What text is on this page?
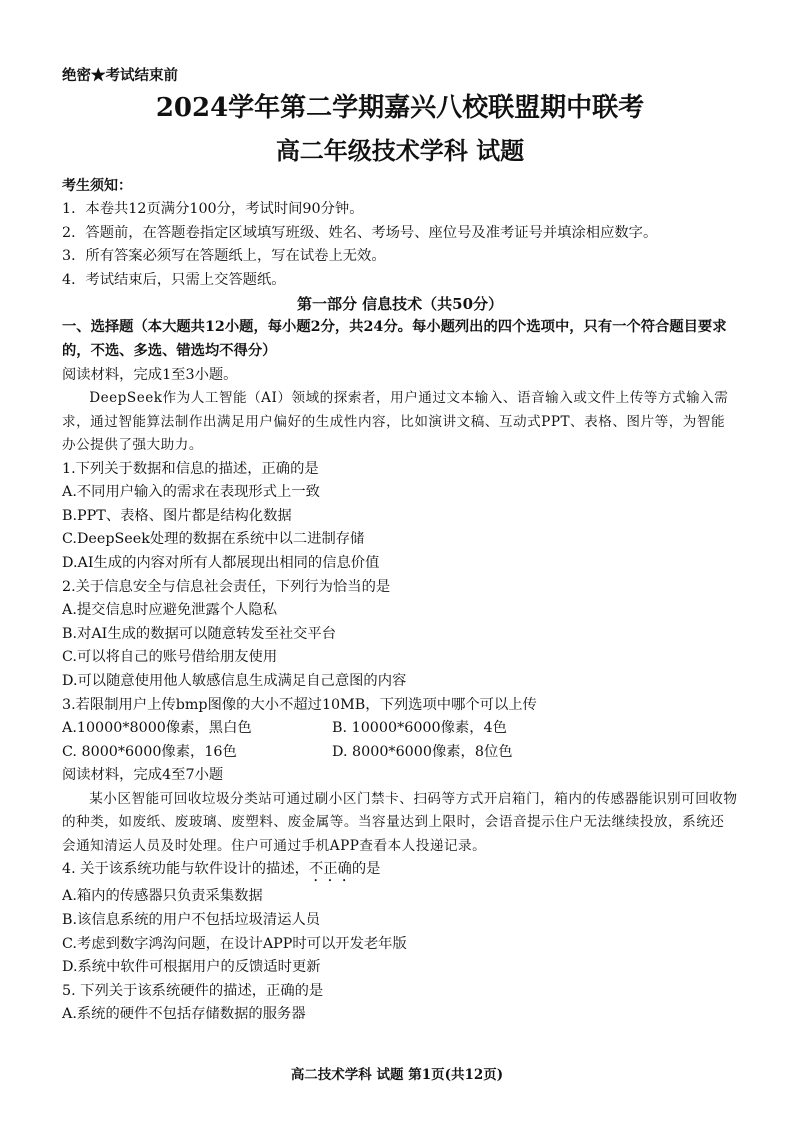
绝密★考试结束前
2024学年第二学期嘉兴八校联盟期中联考
高二年级技术学科 试题
考生须知：
1．本卷共12页满分100分，考试时间90分钟。
2．答题前，在答题卷指定区域填写班级、姓名、考场号、座位号及准考证号并填涂相应数字。
3．所有答案必须写在答题纸上，写在试卷上无效。
4．考试结束后，只需上交答题纸。
第一部分 信息技术（共50分）
一、选择题（本大题共12小题，每小题2分，共24分。每小题列出的四个选项中，只有一个符合题目要求的，不选、多选、错选均不得分）
阅读材料，完成1至3小题。
DeepSeek作为人工智能（AI）领域的探索者，用户通过文本输入、语音输入或文件上传等方式输入需求，通过智能算法制作出满足用户偏好的生成性内容，比如演讲文稿、互动式PPT、表格、图片等，为智能办公提供了强大助力。
1.下列关于数据和信息的描述，正确的是
A.不同用户输入的需求在表现形式上一致
B.PPT、表格、图片都是结构化数据
C.DeepSeek处理的数据在系统中以二进制存储
D.AI生成的内容对所有人都展现出相同的信息价值
2.关于信息安全与信息社会责任，下列行为恰当的是
A.提交信息时应避免泄露个人隐私
B.对AI生成的数据可以随意转发至社交平台
C.可以将自己的账号借给朋友使用
D.可以随意使用他人敏感信息生成满足自己意图的内容
3.若限制用户上传bmp图像的大小不超过10MB，下列选项中哪个可以上传
A.10000*8000像素，黑白色	B. 10000*6000像素，4色
C. 8000*6000像素，16色	D. 8000*6000像素，8位色
阅读材料，完成4至7小题
某小区智能可回收垃圾分类站可通过刷小区门禁卡、扫码等方式开启箱门，箱内的传感器能识别可回收物的种类，如废纸、废玻璃、废塑料、废金属等。当容量达到上限时，会语音提示住户无法继续投放，系统还会通知清运人员及时处理。住户可通过手机APP查看本人投递记录。
4. 关于该系统功能与软件设计的描述，不正确的是
A.箱内的传感器只负责采集数据
B.该信息系统的用户不包括垃圾清运人员
C.考虑到数字鸿沟问题，在设计APP时可以开发老年版
D.系统中软件可根据用户的反馈适时更新
5. 下列关于该系统硬件的描述，正确的是
A.系统的硬件不包括存储数据的服务器
高二技术学科 试题 第1页(共12页)
